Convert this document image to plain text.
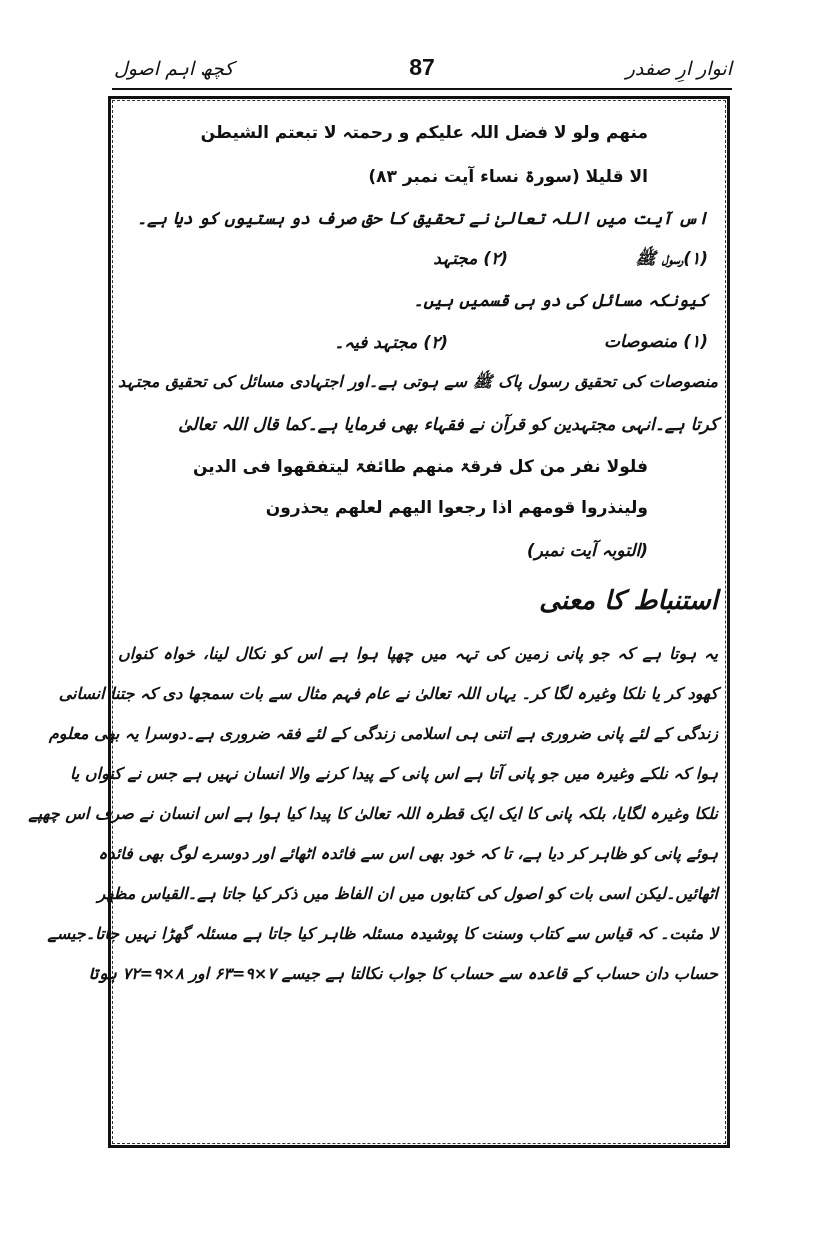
کچھ اہم اصول	87	انوار ارِ صفدر
منھم ولو لا فضل اللہ علیکم و رحمتہ لا تبعتم الشیطن
الا قلیلا (سورۃ نساء آیت نمبر ۸۳)
اس آیت میں اللہ تعالیٰ نے تحقیق کا حق صرف دو ہستیوں کو دیا ہے۔
(۱)رسول ﷺ
(۲) مجتہد
کیونکہ مسائل کی دو ہی قسمیں ہیں۔
(۱) منصوصات
(۲) مجتہد فیہ۔
منصوصات کی تحقیق رسول پاک ﷺ سے ہوتی ہے۔اور اجتہادی مسائل کی تحقیق مجتہد
کرتا ہے۔انہی مجتہدین کو قرآن نے فقہاء بھی فرمایا ہے۔کما قال اللہ تعالیٰ
فلولا نفر من کل فرقۃ منھم طائفۃ لیتفقھوا فی الدین
ولینذروا قومھم اذا رجعوا الیھم لعلھم یحذرون
(التوبہ آیت نمبر)
استنباط کا معنی
یہ ہوتا ہے کہ جو پانی زمین کی تہہ میں چھپا ہوا ہے اس کو نکال لینا، خواہ کنواں
کھود کر یا نلکا وغیرہ لگا کر۔ یہاں اللہ تعالیٰ نے عام فہم مثال سے بات سمجھا دی کہ جتنا انسانی
زندگی کے لئے پانی ضروری ہے اتنی ہی اسلامی زندگی کے لئے فقہ ضروری ہے۔دوسرا یہ بھی معلوم
ہوا کہ نلکے وغیرہ میں جو پانی آتا ہے اس پانی کے پیدا کرنے والا انسان نہیں ہے جس نے کنواں یا
نلکا وغیرہ لگایا، بلکہ پانی کا ایک ایک قطرہ اللہ تعالیٰ کا پیدا کیا ہوا ہے اس انسان نے صرف اس چھپے
ہوئے پانی کو ظاہر کر دیا ہے، تا کہ خود بھی اس سے فائدہ اٹھائے اور دوسرے لوگ بھی فائدہ
اٹھائیں۔لیکن اسی بات کو اصول کی کتابوں میں ان الفاظ میں ذکر کیا جاتا ہے۔القیاس مظھر
لا مثبت۔ کہ قیاس سے کتاب وسنت کا پوشیدہ مسئلہ ظاہر کیا جاتا ہے مسئلہ گھڑا نہیں جاتا۔جیسے
حساب دان حساب کے قاعدہ سے حساب کا جواب نکالتا ہے جیسے ۷×۹=۶۳ اور ۸×۹=۷۲ ہوتا
